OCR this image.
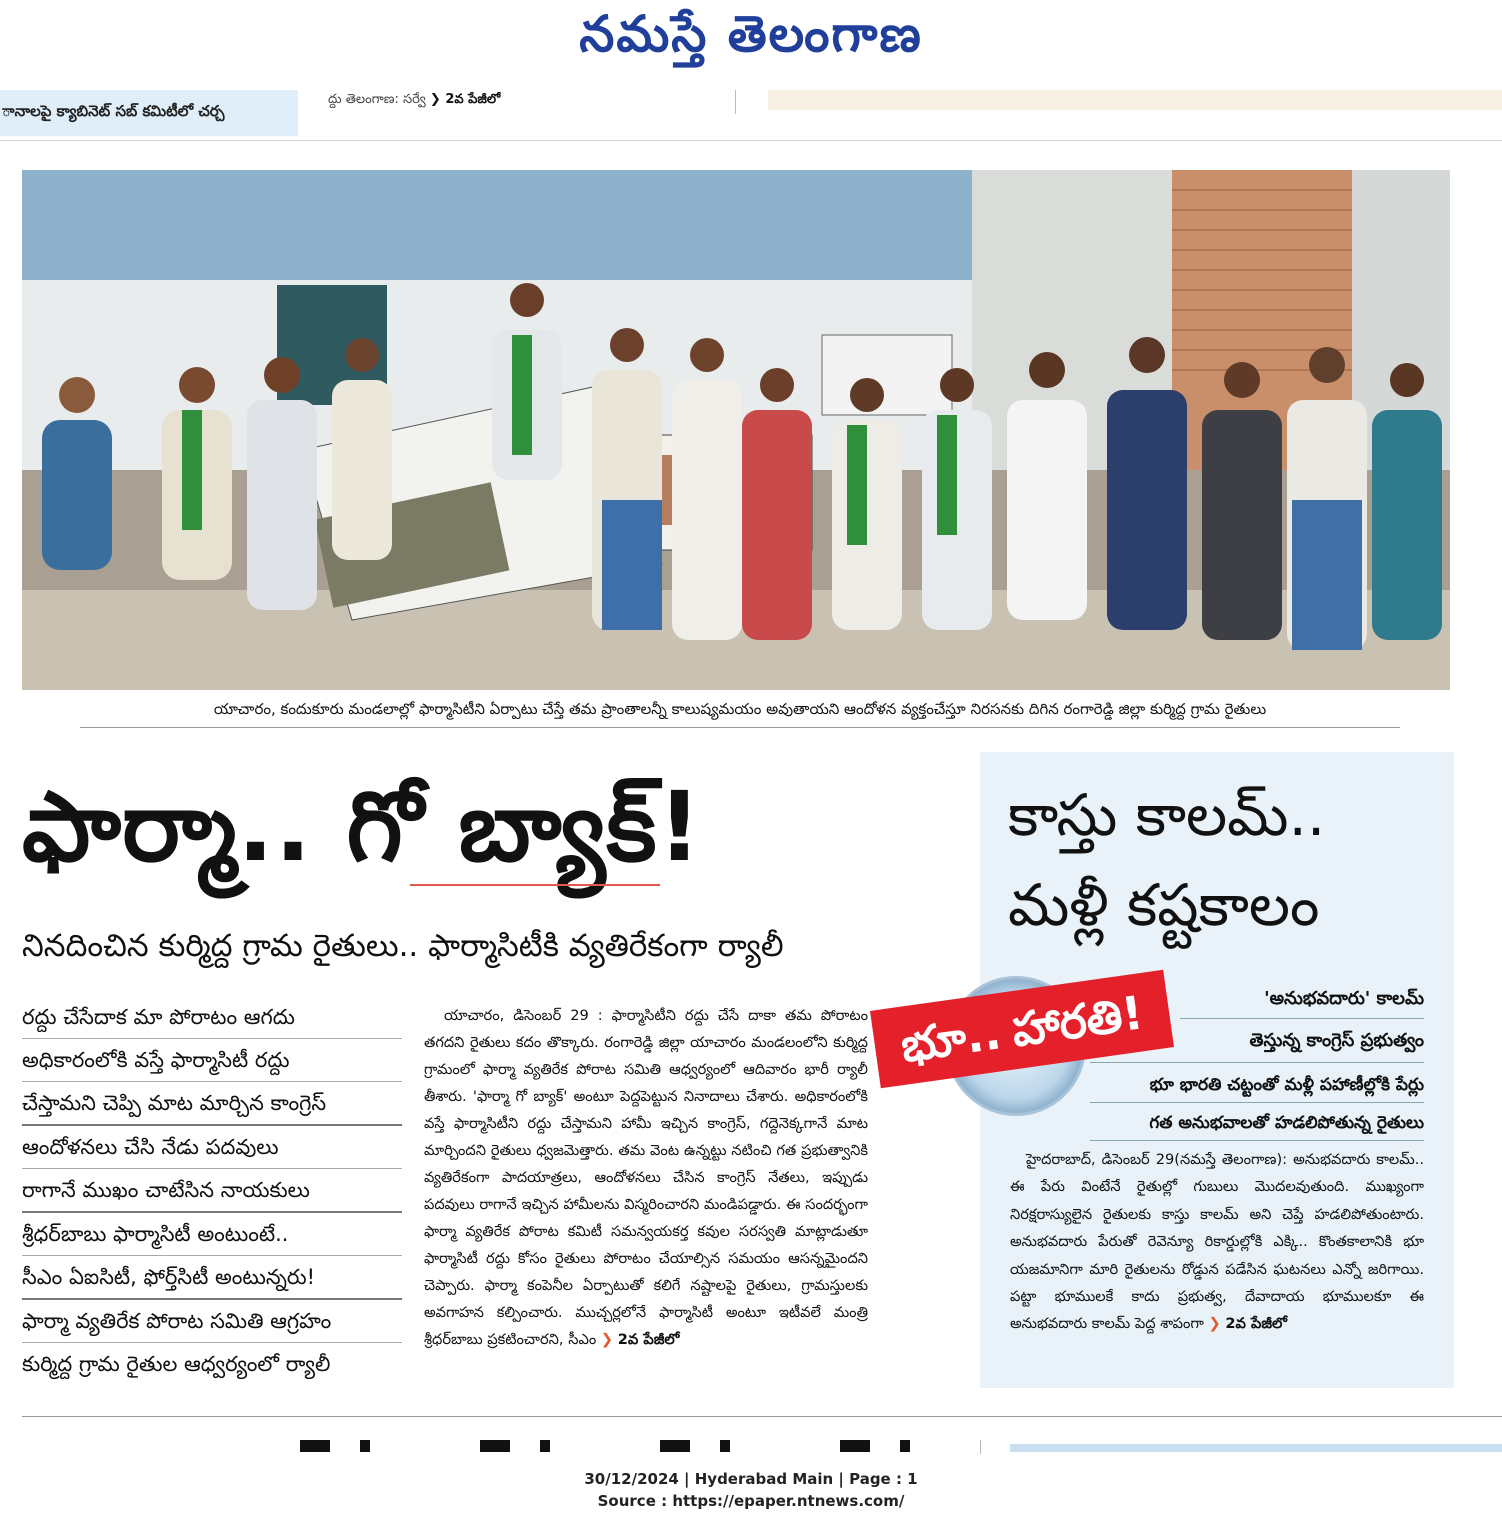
నమస్తే తెలంగాణ
ానాలపై క్యాబినెట్ సబ్ కమిటీలో చర్చ
ద్దు తెలంగాణ: సర్వే ❯ 2వ పేజీలో
యాచారం, కందుకూరు మండలాల్లో ఫార్మాసిటీని ఏర్పాటు చేస్తే తమ ప్రాంతాలన్నీ కాలుష్యమయం అవుతాయని ఆందోళన వ్యక్తంచేస్తూ నిరసనకు దిగిన రంగారెడ్డి జిల్లా కుర్మిద్ద గ్రామ రైతులు
ఫార్మా.. గో బ్యాక్!
నినదించిన కుర్మిద్ద గ్రామ రైతులు.. ఫార్మాసిటీకి వ్యతిరేకంగా ర్యాలీ
రద్దు చేసేదాక మా పోరాటం ఆగదు
అధికారంలోకి వస్తే ఫార్మాసిటీ రద్దు
చేస్తామని చెప్పి మాట మార్చిన కాంగ్రెస్
ఆందోళనలు చేసి నేడు పదవులు
రాగానే ముఖం చాటేసిన నాయకులు
శ్రీధర్‌బాబు ఫార్మాసిటీ అంటుంటే..
సీఎం ఏఐసిటీ, ఫోర్త్‌సిటీ అంటున్నరు!
ఫార్మా వ్యతిరేక పోరాట సమితి ఆగ్రహం
కుర్మిద్ద గ్రామ రైతుల ఆధ్వర్యంలో ర్యాలీ
యాచారం, డిసెంబర్ 29 : ఫార్మాసిటీని రద్దు చేసే దాకా తమ పోరాటం తగదని రైతులు కదం తొక్కారు. రంగారెడ్డి జిల్లా యాచారం మండలంలోని కుర్మిద్ద గ్రామంలో ఫార్మా వ్యతిరేక పోరాట సమితి ఆధ్వర్యంలో ఆదివారం భారీ ర్యాలీ తీశారు. 'ఫార్మా గో బ్యాక్' అంటూ పెద్దపెట్టున నినాదాలు చేశారు. అధికారంలోకి వస్తే ఫార్మాసిటీని రద్దు చేస్తామని హామీ ఇచ్చిన కాంగ్రెస్, గద్దెనెక్కగానే మాట మార్చిందని రైతులు ధ్వజమెత్తారు. తమ వెంట ఉన్నట్టు నటించి గత ప్రభుత్వానికి వ్యతిరేకంగా పాదయాత్రలు, ఆందోళనలు చేసిన కాంగ్రెస్ నేతలు, ఇప్పుడు పదవులు రాగానే ఇచ్చిన హామీలను విస్మరించారని మండిపడ్డారు. ఈ సందర్భంగా ఫార్మా వ్యతిరేక పోరాట కమిటీ సమన్వయకర్త కవుల సరస్వతి మాట్లాడుతూ ఫార్మాసిటీ రద్దు కోసం రైతులు పోరాటం చేయాల్సిన సమయం ఆసన్నమైందని చెప్పారు. ఫార్మా కంపెనీల ఏర్పాటుతో కలిగే నష్టాలపై రైతులు, గ్రామస్తులకు అవగాహన కల్పించారు. ముచ్చర్లలోనే ఫార్మాసిటీ అంటూ ఇటీవలే మంత్రి శ్రీధర్‌బాబు ప్రకటించారని, సీఎం ❯ 2వ పేజీలో
కాస్తు కాలమ్..
మళ్లీ కష్టకాలం
భూ.. హారతి!	'అనుభవదారు' కాలమ్
తెస్తున్న కాంగ్రెస్ ప్రభుత్వం
భూ భారతి చట్టంతో మళ్లీ పహాణీల్లోకి పేర్లు
గత అనుభవాలతో హడలిపోతున్న రైతులు
హైదరాబాద్, డిసెంబర్ 29(నమస్తే తెలంగాణ): అనుభవదారు కాలమ్.. ఈ పేరు వింటేనే రైతుల్లో గుబులు మొదలవుతుంది. ముఖ్యంగా నిరక్షరాస్యులైన రైతులకు కాస్తు కాలమ్ అని చెప్తే హడలిపోతుంటారు. అనుభవదారు పేరుతో రెవెన్యూ రికార్డుల్లోకి ఎక్కి.. కొంతకాలానికి భూ యజమానిగా మారి రైతులను రోడ్డున పడేసిన ఘటనలు ఎన్నో జరిగాయి. పట్టా భూములకే కాదు ప్రభుత్వ, దేవాదాయ భూములకూ ఈ అనుభవదారు కాలమ్ పెద్ద శాపంగా ❯ 2వ పేజీలో
30/12/2024 | Hyderabad Main | Page : 1
Source : https://epaper.ntnews.com/
